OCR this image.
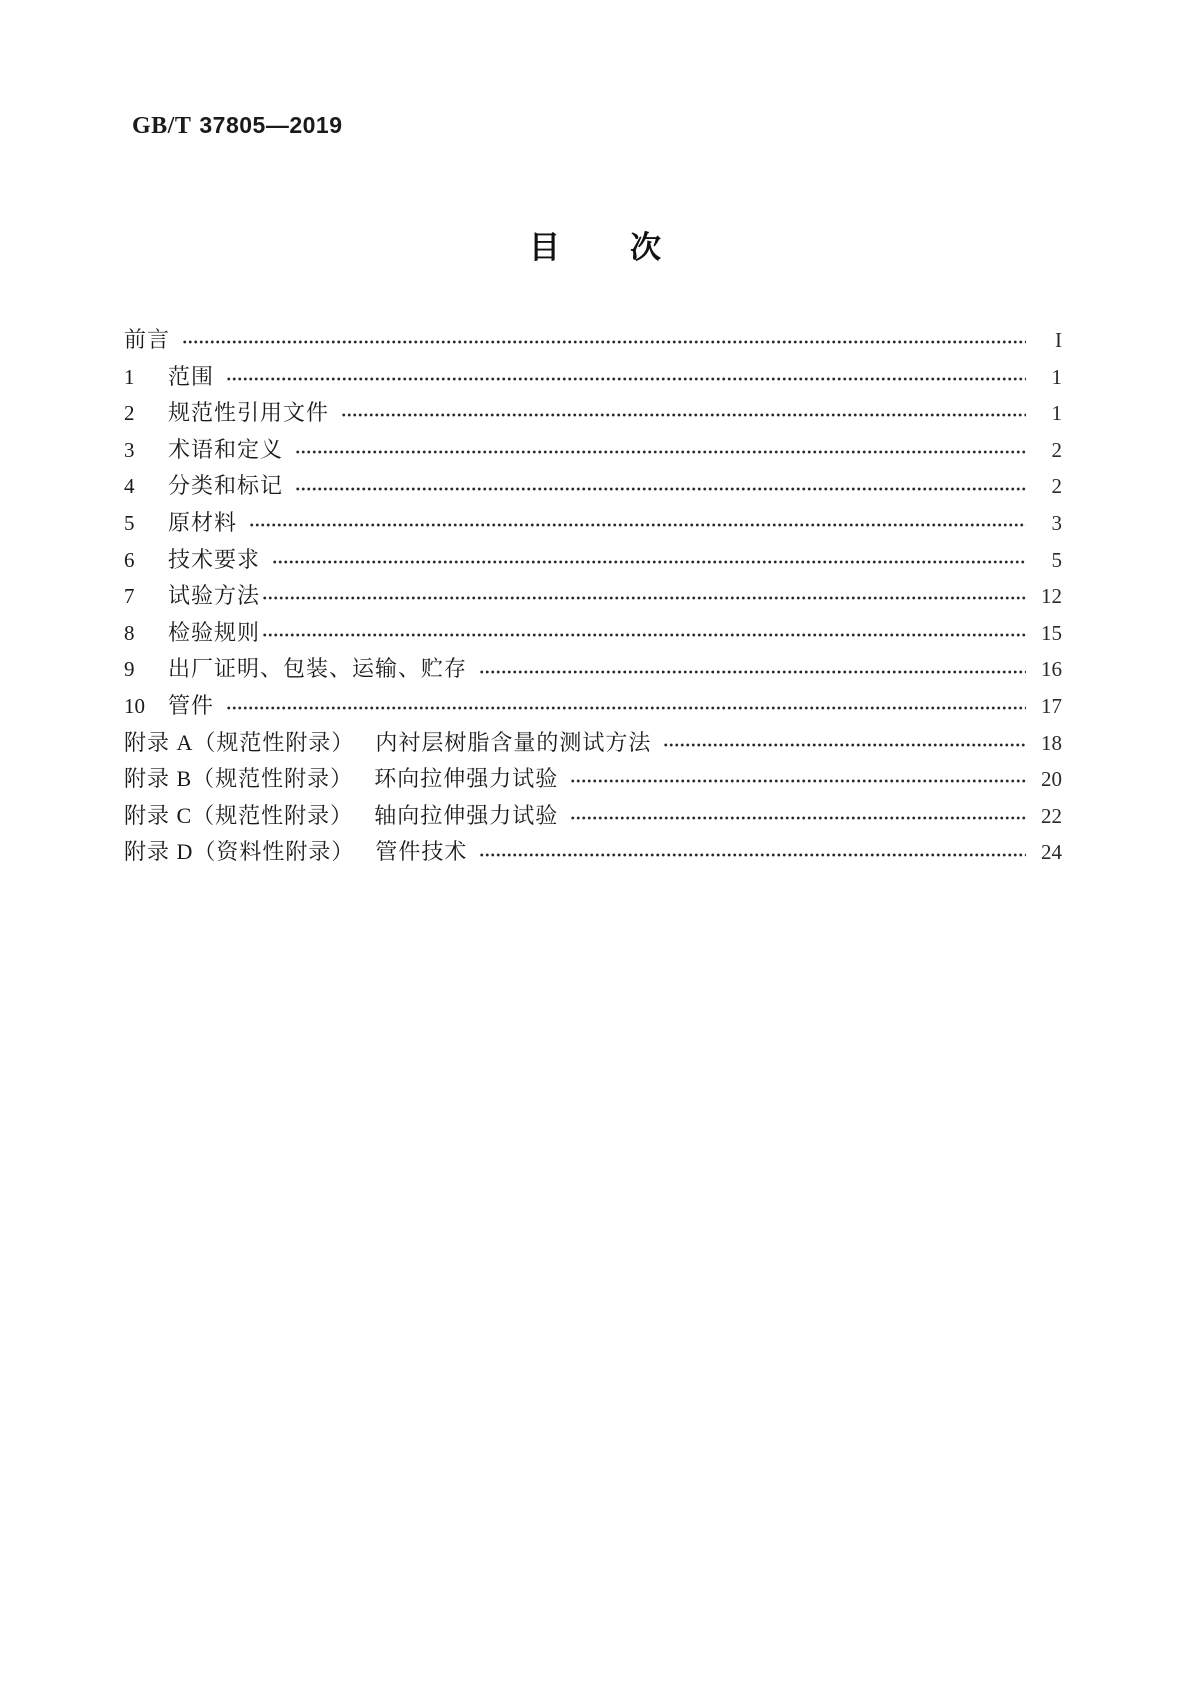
GB/T 37805—2019
目 次
前言	I
1	范围	1
2	规范性引用文件	1
3	术语和定义	2
4	分类和标记	2
5	原材料	3
6	技术要求	5
7	试验方法	12
8	检验规则	15
9	出厂证明、包装、运输、贮存	16
10	管件	17
附录 A（规范性附录） 内衬层树脂含量的测试方法	18
附录 B（规范性附录） 环向拉伸强力试验	20
附录 C（规范性附录） 轴向拉伸强力试验	22
附录 D（资料性附录） 管件技术	24
